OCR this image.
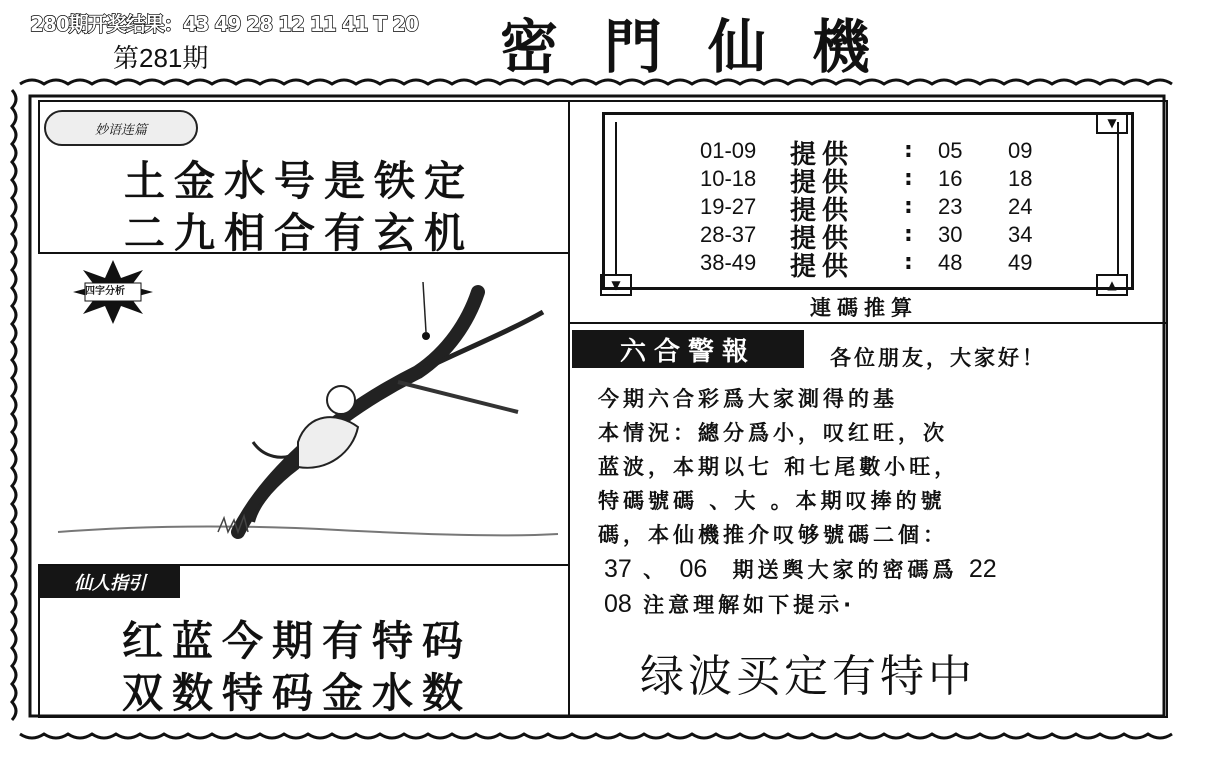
280期开奖结果：43 49 28 12 11 41 T 20
第281期	密門仙機
妙语连篇
土金水号是铁定
二九相合有玄机
四字分析
仙人指引
红蓝今期有特码
双数特码金水数
01-09 提供 : 05 09
10-18 提供 : 16 18
19-27 提供 : 23 24
28-37 提供 : 30 34
38-49 提供 : 48 49
▼
▼	▲
連碼推算
六合警報	各位朋友，大家好！
今期六合彩爲大家測得的基
本情況：總分爲小，叹红旺，次
蓝波，本期以七 和七尾數小旺，
特碼號碼 、大 。本期叹捧的號
碼，本仙機推介叹够號碼二個：
37 、 06 期送舆大家的密碼爲 22
08 注意理解如下提示·
绿波买定有特中
